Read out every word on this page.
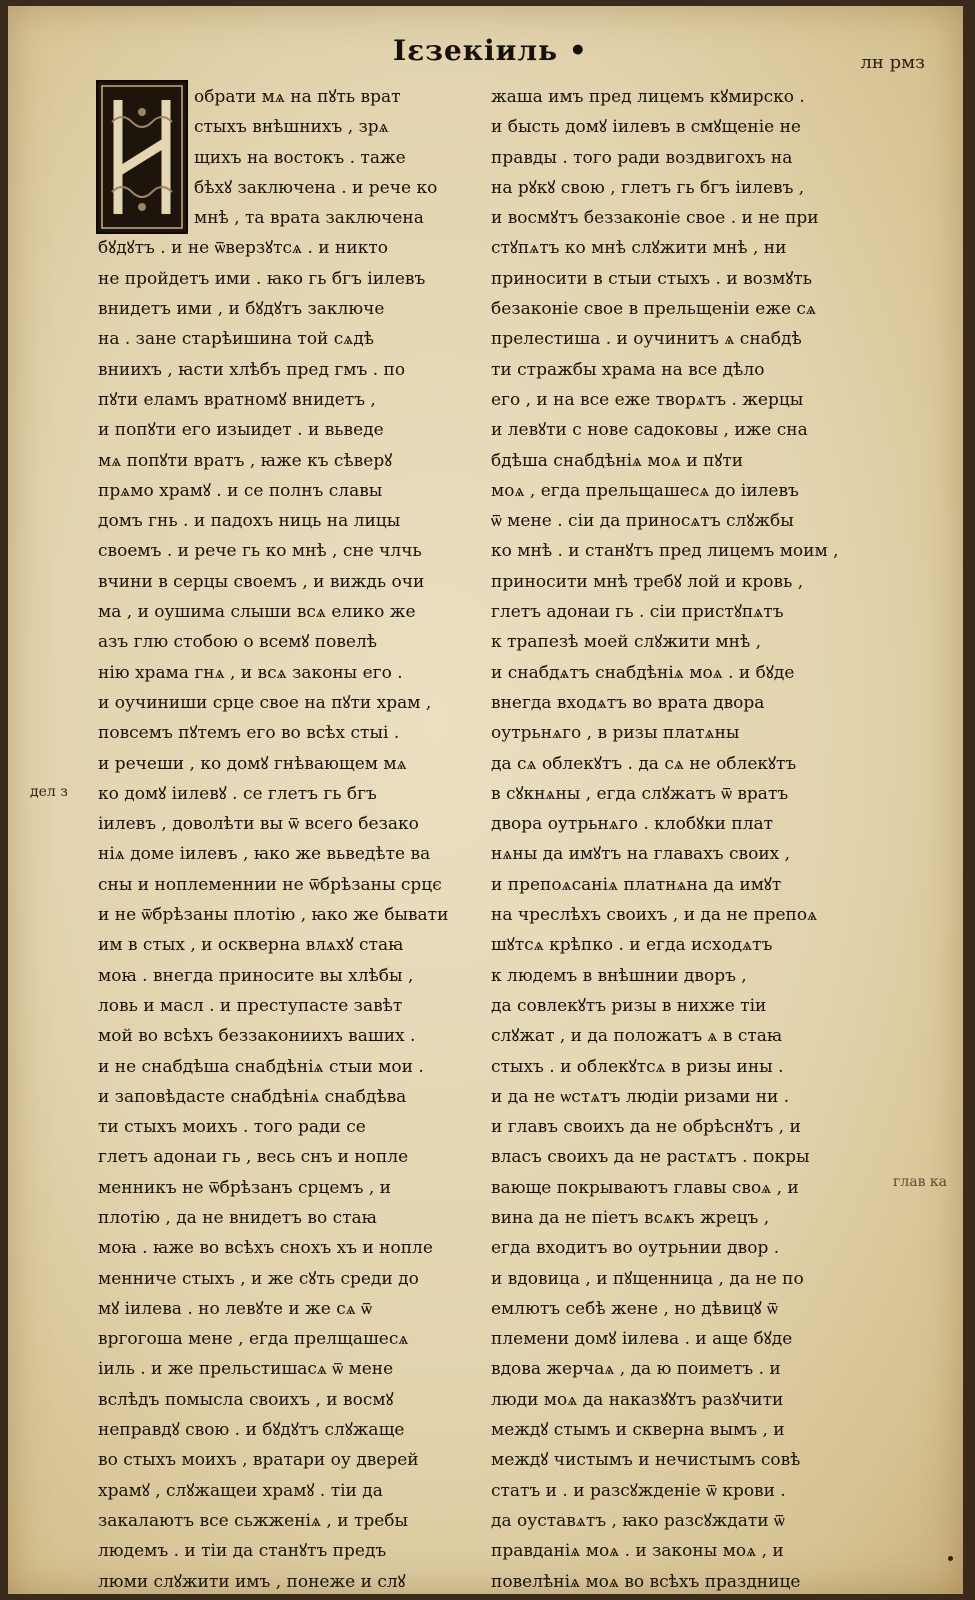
Ιεзекіиль •	лн рмз
обрати мѧ на пꙋть врат
стыхъ внѣшнихъ , зрѧ
щихъ на востокъ . таже
бѣхꙋ заключена . и рече ко
мнѣ , та врата заключена
бꙋдꙋтъ . и не ѿверзꙋтсѧ . и никто
не пройдетъ ими . ꙗко гь бгъ іилевъ
внидетъ ими , и бꙋдꙋтъ заключе
на . зане старѣишина той сѧдѣ
вниихъ , ꙗсти хлѣбъ пред гмъ . по
пꙋти еламъ вратномꙋ внидетъ ,
и попꙋти его изыидет . и вьведе
мѧ попꙋти вратъ , ꙗже къ сѣверꙋ
прѧмо храмꙋ . и се полнъ славы
домъ гнь . и падохъ ниць на лицы
своемъ . и рече гь ко мнѣ , сне члчь
вчини в серцы своемъ , и виждь очи
ма , и оушима слыши всѧ елико же
азъ глю стобою о всемꙋ повелѣ
нію храма гнѧ , и всѧ законы его .
и оучиниши срце свое на пꙋти храм ,
повсемъ пꙋтемъ его во всѣх стыі .
и речеши , ко домꙋ гнѣвающем мѧ
ко домꙋ іилевꙋ . се глетъ гь бгъ
іилевъ , доволѣти вы ѿ всего безако
ніѧ доме іилевъ , ꙗко же вьведѣте ва
сны и ноплеменнии не ѿбрѣзаны срцє
и не ѿбрѣзаны плотію , ꙗко же бывати
им в стых , и оскверна влѧхꙋ стаꙗ
моꙗ . внегда приносите вы хлѣбы ,
ловь и масл . и преступасте завѣт
мой во всѣхъ беззакониихъ ваших .
и не снабдѣша снабдѣніѧ стыи мои .
и заповѣдасте снабдѣніѧ снабдѣва
ти стыхъ моихъ . того ради се
глетъ адонаи гь , весь снъ и нопле
менникъ не ѿбрѣзанъ срцемъ , и
плотію , да не внидетъ во стаꙗ
моꙗ . ꙗже во всѣхъ снохъ хъ и нопле
менниче стыхъ , и же сꙋть среди до
мꙋ іилева . но левꙋте и же сѧ ѿ
вргогоша мене , егда прелщашесѧ
іиль . и же прельстишасѧ ѿ мене
вслѣдъ помысла своихъ , и восмꙋ
неправдꙋ свою . и бꙋдꙋтъ слꙋжаще
во стыхъ моихъ , вратари оу дверей
храмꙋ , слꙋжащеи храмꙋ . тіи да
закалаютъ все сьжженіѧ , и требы
людемъ . и тіи да станꙋтъ предъ
люми слꙋжити имъ , понеже и слꙋ
жаша имъ пред лицемъ кꙋмирско .
и бысть домꙋ іилевъ в смꙋщеніе не
правды . того ради воздвигохъ на
на рꙋкꙋ свою , глетъ гь бгъ іилевъ ,
и восмꙋтъ беззаконіе свое . и не при
стꙋпѧтъ ко мнѣ слꙋжити мнѣ , ни
приносити в стыи стыхъ . и возмꙋть
безаконіе свое в прельщеніи еже сѧ
прелестиша . и оучинитъ ѧ снабдѣ
ти стражбы храма на все дѣло
его , и на все еже творѧтъ . жерцы
и левꙋти с нове садоковы , иже сна
бдѣша снабдѣніѧ моѧ и пꙋти
моѧ , егда прельщашесѧ до іилевъ
ѿ мене . сіи да приносѧтъ слꙋжбы
ко мнѣ . и станꙋтъ пред лицемъ моим ,
приносити мнѣ требꙋ лой и кровь ,
глетъ адонаи гь . сіи пристꙋпѧтъ
к трапезѣ моей слꙋжити мнѣ ,
и снабдѧтъ снабдѣніѧ моѧ . и бꙋде
внегда входѧтъ во врата двора
оутрьнѧго , в ризы платѧны
да сѧ облекꙋтъ . да сѧ не облекꙋтъ
в сꙋкнѧны , егда слꙋжатъ ѿ вратъ
двора оутрьнѧго . клобꙋки плат
нѧны да имꙋтъ на главахъ своих ,
и препоѧсаніѧ платнѧна да имꙋт
на чреслѣхъ своихъ , и да не препоѧ
шꙋтсѧ крѣпко . и егда исходѧтъ
к людемъ в внѣшнии дворъ ,
да совлекꙋтъ ризы в нихже тіи
слꙋжат , и да положатъ ѧ в стаꙗ
стыхъ . и облекꙋтсѧ в ризы ины .
и да не ѡстѧтъ людіи ризами ни .
и главъ своихъ да не обрѣснꙋтъ , и
власъ своихъ да не растѧтъ . покры
вающе покрываютъ главы своѧ , и
вина да не піетъ всѧкъ жрецъ ,
егда входитъ во оутрьнии двор .
и вдовица , и пꙋщенница , да не по
емлютъ себѣ жене , но дѣвицꙋ ѿ
племени домꙋ іилева . и аще бꙋде
вдова жерчаѧ , да ю поиметъ . и
люди моѧ да наказꙋꙋтъ разꙋчити
междꙋ стымъ и скверна вымъ , и
междꙋ чистымъ и нечистымъ совѣ
статъ и . и разсꙋжденіе ѿ крови .
да оуставѧтъ , ꙗко разсꙋждати ѿ
правданіѧ моѧ . и законы моѧ , и
повелѣніѧ моѧ во всѣхъ празднице
дел з
глав ка
